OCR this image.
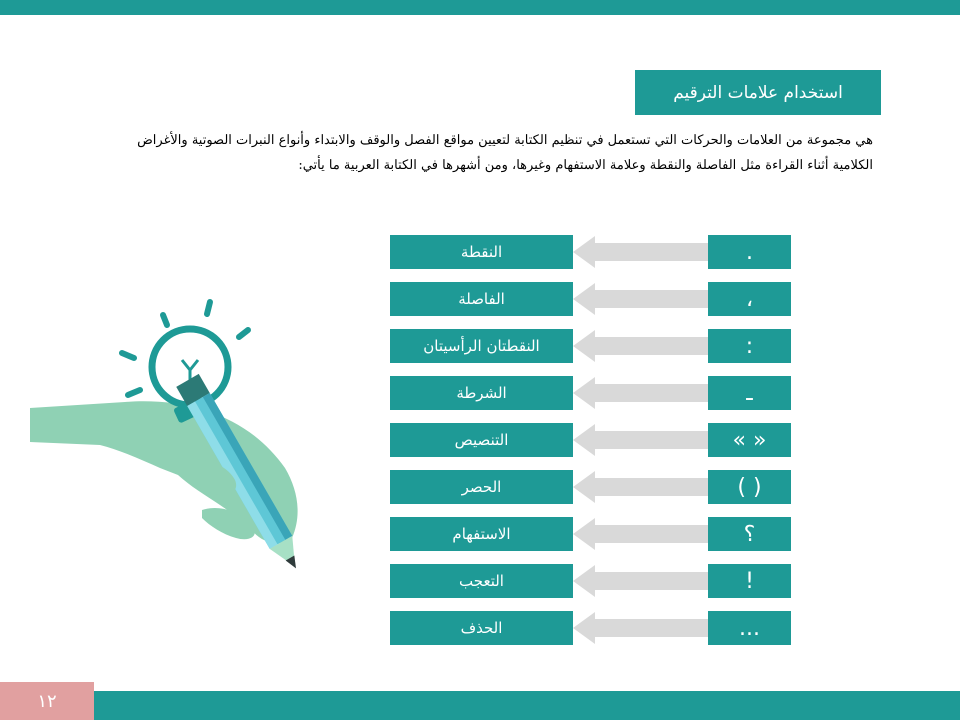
استخدام علامات الترقيم
هي مجموعة من العلامات والحركات التي تستعمل في تنظيم الكتابة لتعيين مواقع الفصل والوقف والابتداء وأنواع النبرات الصوتية والأغراض الكلامية أثناء القراءة مثل الفاصلة والنقطة وعلامة الاستفهام وغيرها، ومن أشهرها في الكتابة العربية ما يأتي:
النقطة	.
الفاصلة	،
النقطتان الرأسيتان	:
الشرطة	ـ
التنصيص	« »
الحصر	( )
الاستفهام	؟
التعجب	!
الحذف	...
١٢
